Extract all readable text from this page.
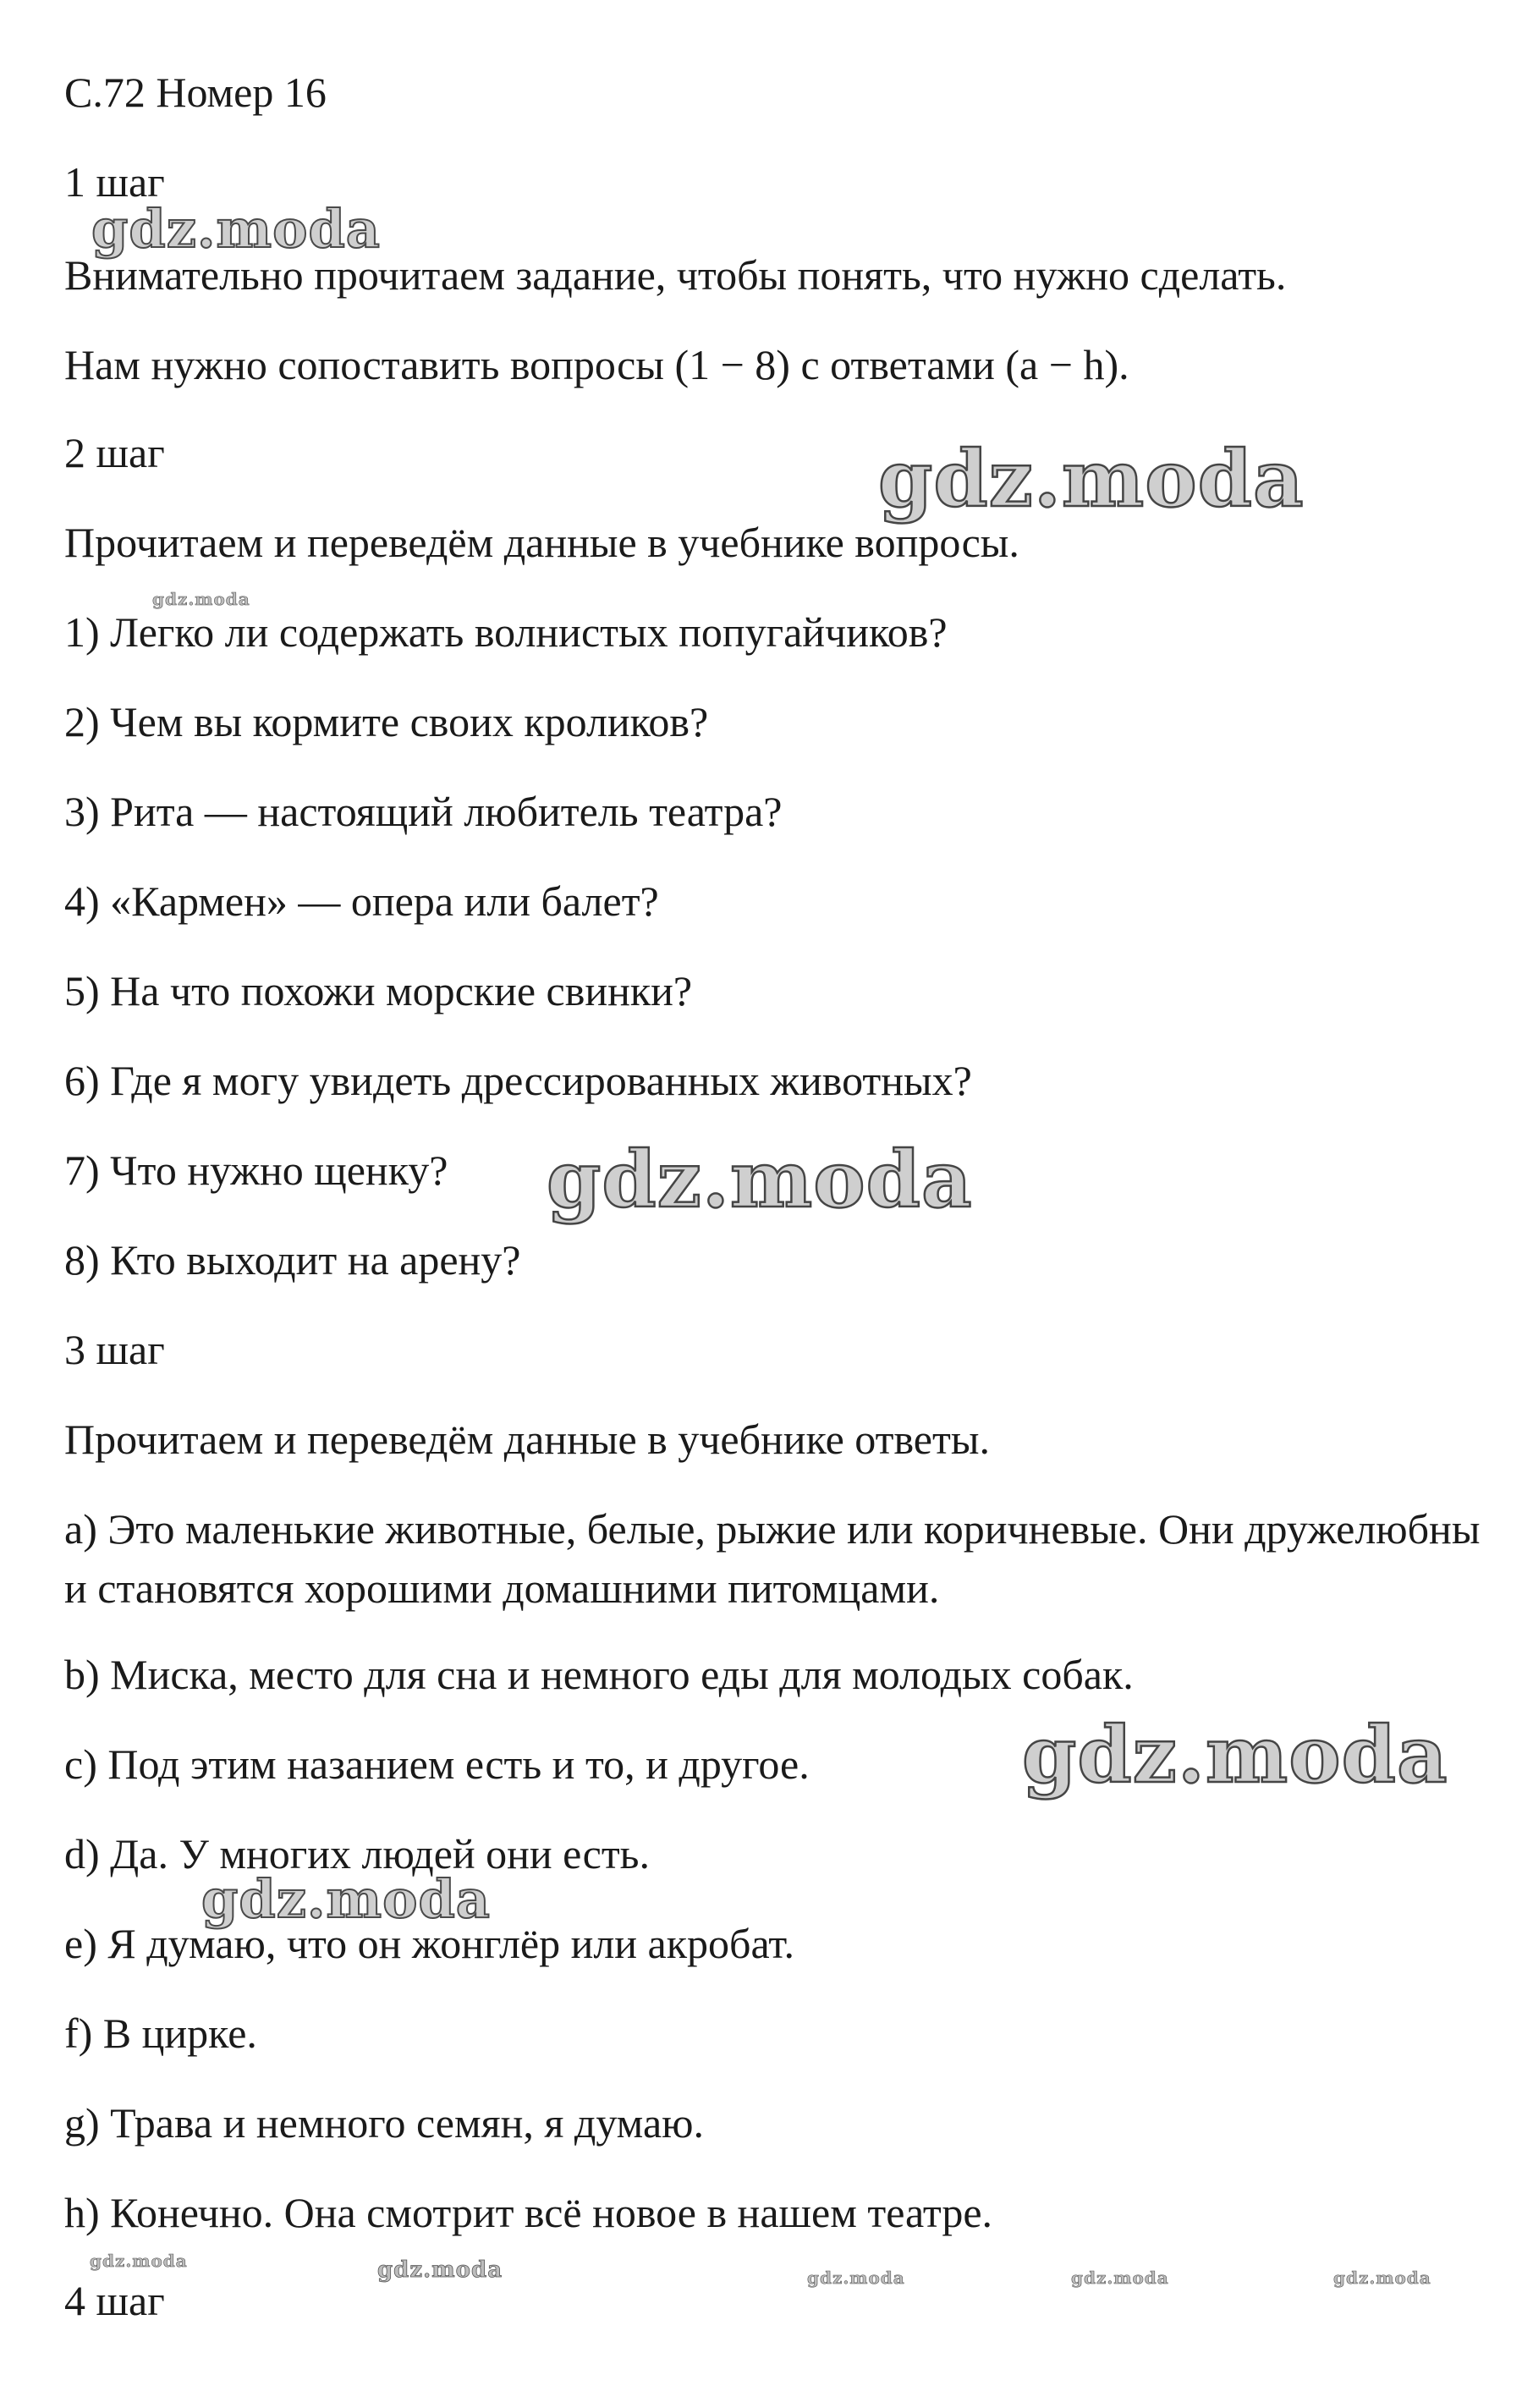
С.72 Номер 16

1 шаг

Внимательно прочитаем задание, чтобы понять, что нужно сделать.

Нам нужно сопоставить вопросы (1 − 8) с ответами (a − h).

2 шаг

Прочитаем и переведём данные в учебнике вопросы.

1) Легко ли содержать волнистых попугайчиков?

2) Чем вы кормите своих кроликов?

3) Рита — настоящий любитель театра?

4) «Кармен» — опера или балет?

5) На что похожи морские свинки?

6) Где я могу увидеть дрессированных животных?

7) Что нужно щенку?

8) Кто выходит на арену?

3 шаг

Прочитаем и переведём данные в учебнике ответы.

a) Это маленькие животные, белые, рыжие или коричневые. Они дружелюбны и становятся хорошими домашними питомцами.

b) Миска, место для сна и немного еды для молодых собак.

c) Под этим назанием есть и то, и другое.

d) Да. У многих людей они есть.

e) Я думаю, что он жонглёр или акробат.

f) В цирке.

g) Трава и немного семян, я думаю.

h) Конечно. Она смотрит всё новое в нашем театре.

4 шаг

gdz.moda
gdz.moda
gdz.moda
gdz.moda
gdz.moda
gdz.moda
gdz.moda	gdz.moda	gdz.moda	gdz.moda	gdz.moda
